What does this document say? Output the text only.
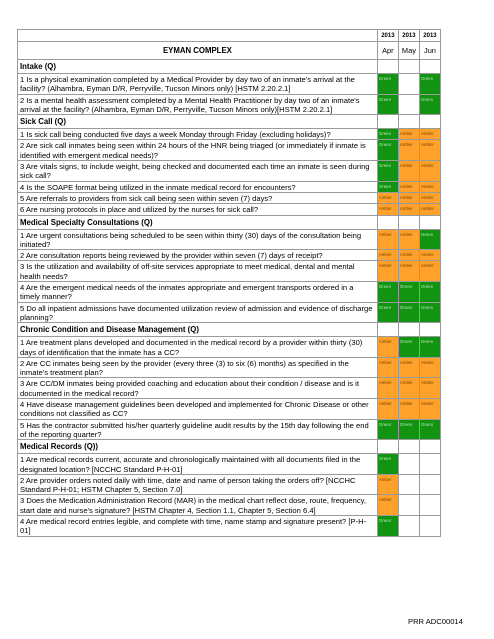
	2013	2013	2013
EYMAN COMPLEX	Apr	May	Jun
Intake (Q)			
1 Is a physical examination completed by a Medical Provider by day two of an inmate's arrival at the facility? (Alhambra, Eyman D/R, Perryville, Tucson Minors only) [HSTM 2.20.2.1]	Green		Green
2 Is a mental health assessment completed by a Mental Health Practitioner by day two of an inmate's arrival at the facility? (Alhambra, Eyman D/R, Perryville, Tucson Minors only)[HSTM 2.20.2.1]	Green		Green
Sick Call (Q)			
1 Is sick call being conducted five days a week Monday through Friday (excluding holidays)?	Green	Amber	Amber
2 Are sick call inmates being seen within 24 hours of the HNR being triaged (or immediately if inmate is identified with emergent medical needs)?	Green	Amber	Amber
3 Are vitals signs, to include weight, being checked and documented each time an inmate is seen during sick call?	Green	Amber	Amber
4 Is the SOAPE format being utilized in the inmate medical record for encounters?	Green	Amber	Amber
5 Are referrals to providers from sick call being seen within seven (7) days?	Amber	Amber	Amber
6 Are nursing protocols in place and utilized by the nurses for sick call?	Amber	Amber	Amber
Medical Specialty Consultations (Q)			
1 Are urgent consultations being scheduled to be seen within thirty (30) days of the consultation being initiated?	Amber	Amber	Green
2 Are consultation reports being reviewed by the provider within seven (7) days of receipt?	Amber	Amber	Amber
3 Is the utilization and availability of off-site services appropriate to meet medical, dental and mental health needs?	Amber	Amber	Amber
4 Are the emergent medical needs of the inmates appropriate and emergent transports ordered in a timely manner?	Green	Green	Green
5 Do all inpatient admissions have documented utilization review of admission and evidence of discharge planning?	Green	Green	Green
Chronic Condition and Disease Management (Q)			
1 Are treatment plans developed and documented in the medical record by a provider within thirty (30) days of identification that the inmate has a CC?	Amber	Green	Green
2 Are CC inmates being seen by the provider (every three (3) to six (6) months) as specified in the inmate's treatment plan?	Amber	Amber	Amber
3 Are CC/DM inmates being provided coaching and education about their condition / disease and is it documented in the medical record?	Amber	Amber	Amber
4 Have disease management guidelines been developed and implemented for Chronic Disease or other conditions not classified as CC?	Amber	Amber	Amber
5 Has the contractor submitted his/her quarterly guideline audit results by the 15th day following the end of the reporting quarter?	Green	Green	Green
Medical Records (Q))			
1 Are medical records current, accurate and chronologically maintained with all documents filed in the designated location? [NCCHC Standard P-H-01]	Green		
2 Are provider orders noted daily with time, date and name of person taking the orders off? [NCCHC Standard P-H-01; HSTM Chapter 5, Section 7.0]	Amber		
3 Does the Medication Administration Record (MAR) in the medical chart reflect dose, route, frequency, start date and nurse's signature? [HSTM Chapter 4, Section 1.1, Chapter 5, Section 6.4]	Amber		
4 Are medical record entries legible, and complete with time, name stamp and signature present? [P-H-01]	Green		
PRR ADC00014
